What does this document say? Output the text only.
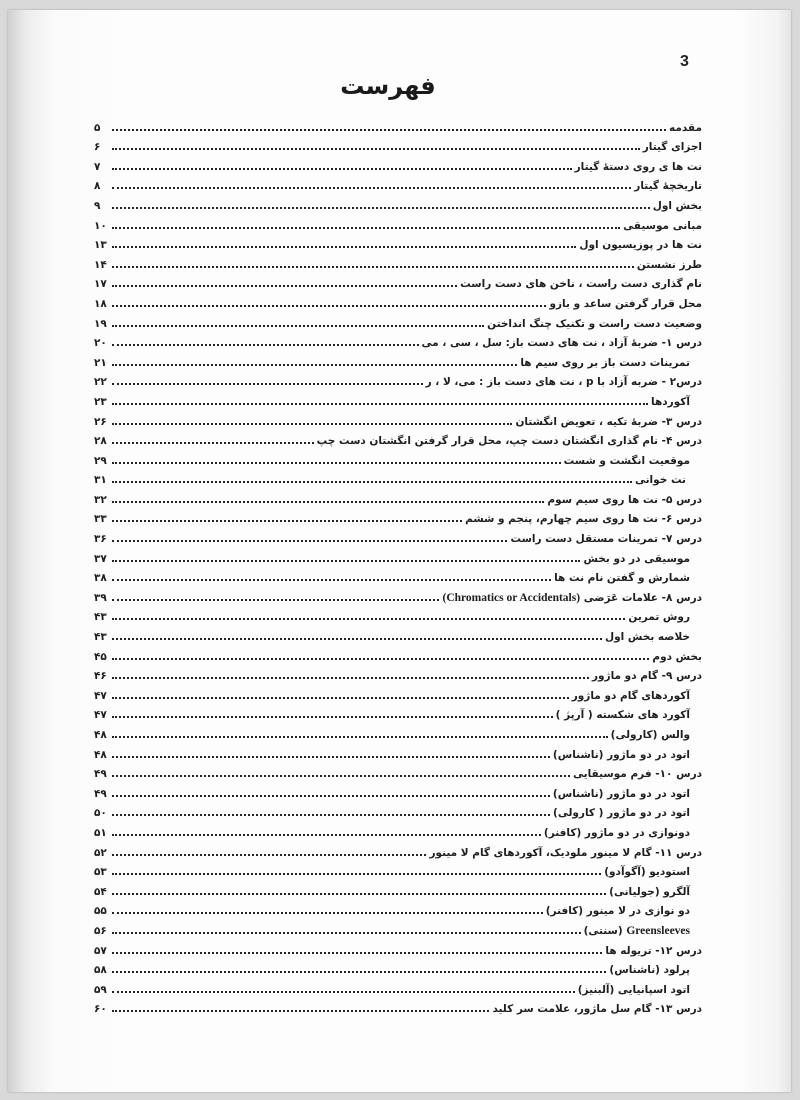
3
فهرست
مقدمه
۵
اجزای گیتار
۶
نت ها ی روی دستهٔ گیتار
۷
تاریخچهٔ گیتار
۸
بخش اول
۹
مبانی موسیقی
۱۰
نت ها در پوزیسیون اول
۱۳
طرز نشستن
۱۴
نام گذاری دست راست ، ناخن های دست راست
۱۷
محل قرار گرفتن ساعد و بازو
۱۸
وضعیت دست راست و تکنیک چنگ انداختن
۱۹
درس ۱- ضربهٔ آزاد ، نت های دست باز: سل ، سی ، می
۲۰
تمرینات دست باز بر روی سیم ها
۲۱
درس۲ - ضربه آزاد با p ، نت های دست باز : می، لا ، ر
۲۲
آکوردها
۲۳
درس ۳- ضربهٔ تکیه ، تعویض انگشتان
۲۶
درس ۴- نام گذاری انگشتان دست چپ، محل قرار گرفتن انگشتان دست چپ
۲۸
موقعیت انگشت و شست
۲۹
نت خوانی
۳۱
درس ۵- نت ها روی سیم سوم
۳۲
درس ۶- نت ها روی سیم چهارم، پنجم و ششم
۳۳
درس ۷- تمرینات مستقل دست راست
۳۶
موسیقی در دو بخش
۳۷
شمارش و گفتن نام نت ها
۳۸
درس ۸- علامات عَرَضی (Chromatics or Accidentals)
۳۹
روش تمرین
۴۳
خلاصه بخش اول
۴۳
بخش دوم
۴۵
درس ۹- گام دو ماژور
۴۶
آکوردهای گام دو ماژور
۴۷
آکورد های شکسته ( آرپژ )
۴۷
والس (کارولی)
۴۸
اتود در دو ماژور (ناشناس)
۴۸
درس ۱۰- فرم موسیقایی
۴۹
اتود در دو ماژور (ناشناس)
۴۹
اتود در دو ماژور ( کارولی)
۵۰
دونوازی در دو ماژور (کافنر)
۵۱
درس ۱۱- گام لا مینور ملودیک، آکوردهای گام لا مینور
۵۲
استودیو (آگوآدو)
۵۳
آلگرو (جولیانی)
۵۴
دو نوازی در لا مینور (کافنر)
۵۵
Greensleeves (سنتی)
۵۶
درس ۱۲- تریوله ها
۵۷
پرلود (ناشناس)
۵۸
اتود اسپانیایی (آلبنیز)
۵۹
درس ۱۳- گام سل ماژور، علامت سر کلید
۶۰
